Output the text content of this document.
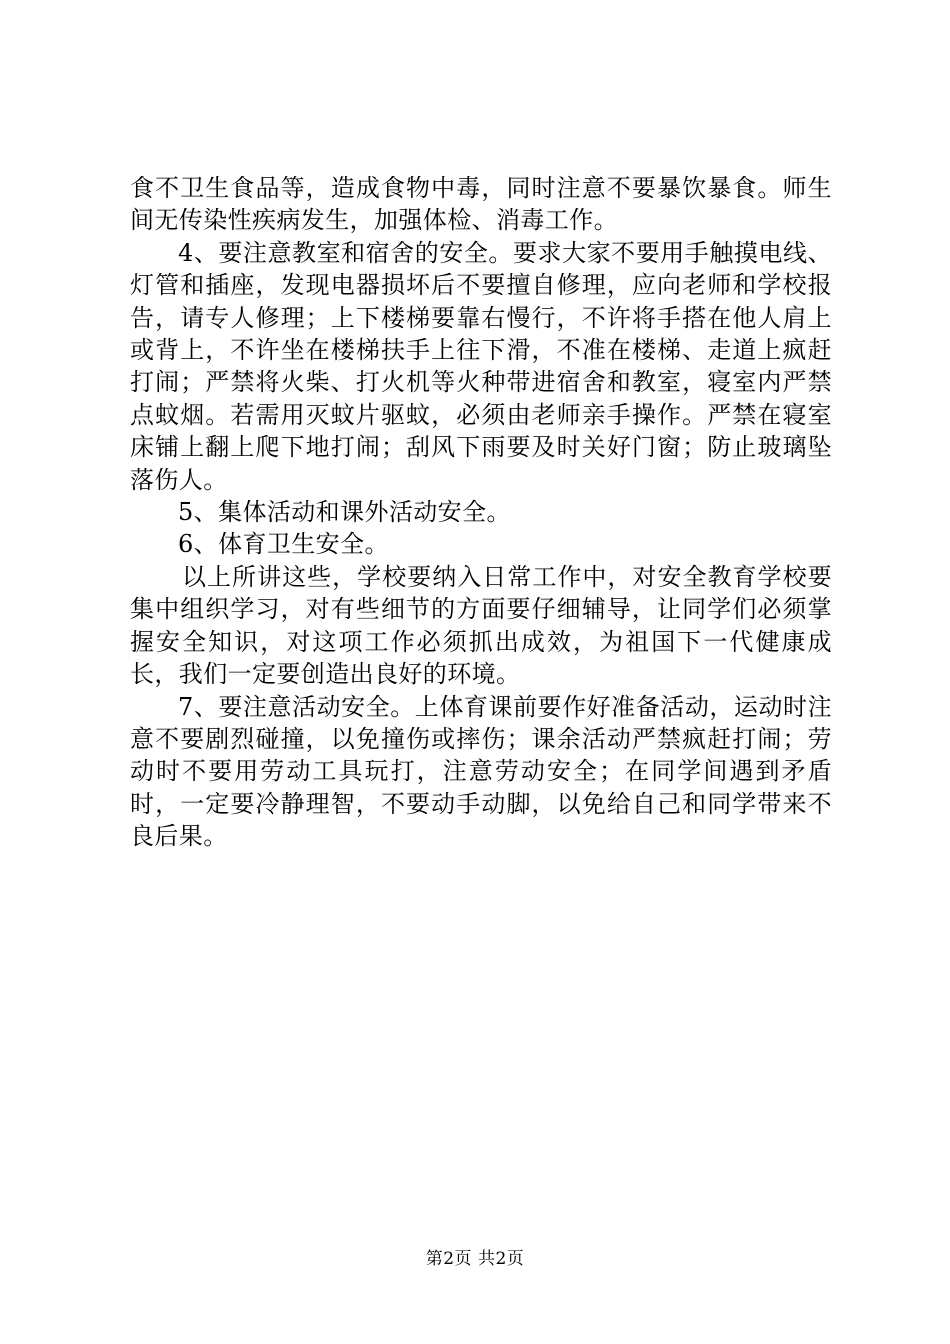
食不卫生食品等，造成食物中毒，同时注意不要暴饮暴食。师生间无传染性疾病发生，加强体检、消毒工作。

4、要注意教室和宿舍的安全。要求大家不要用手触摸电线、灯管和插座，发现电器损坏后不要擅自修理，应向老师和学校报告，请专人修理；上下楼梯要靠右慢行，不许将手搭在他人肩上或背上，不许坐在楼梯扶手上往下滑，不准在楼梯、走道上疯赶打闹；严禁将火柴、打火机等火种带进宿舍和教室，寝室内严禁点蚊烟。若需用灭蚊片驱蚊，必须由老师亲手操作。严禁在寝室床铺上翻上爬下地打闹；刮风下雨要及时关好门窗；防止玻璃坠落伤人。

5、集体活动和课外活动安全。

6、体育卫生安全。

以上所讲这些，学校要纳入日常工作中，对安全教育学校要集中组织学习，对有些细节的方面要仔细辅导，让同学们必须掌握安全知识，对这项工作必须抓出成效，为祖国下一代健康成长，我们一定要创造出良好的环境。

7、要注意活动安全。上体育课前要作好准备活动，运动时注意不要剧烈碰撞，以免撞伤或摔伤；课余活动严禁疯赶打闹；劳动时不要用劳动工具玩打，注意劳动安全；在同学间遇到矛盾时，一定要冷静理智，不要动手动脚，以免给自己和同学带来不良后果。

第2页 共2页
